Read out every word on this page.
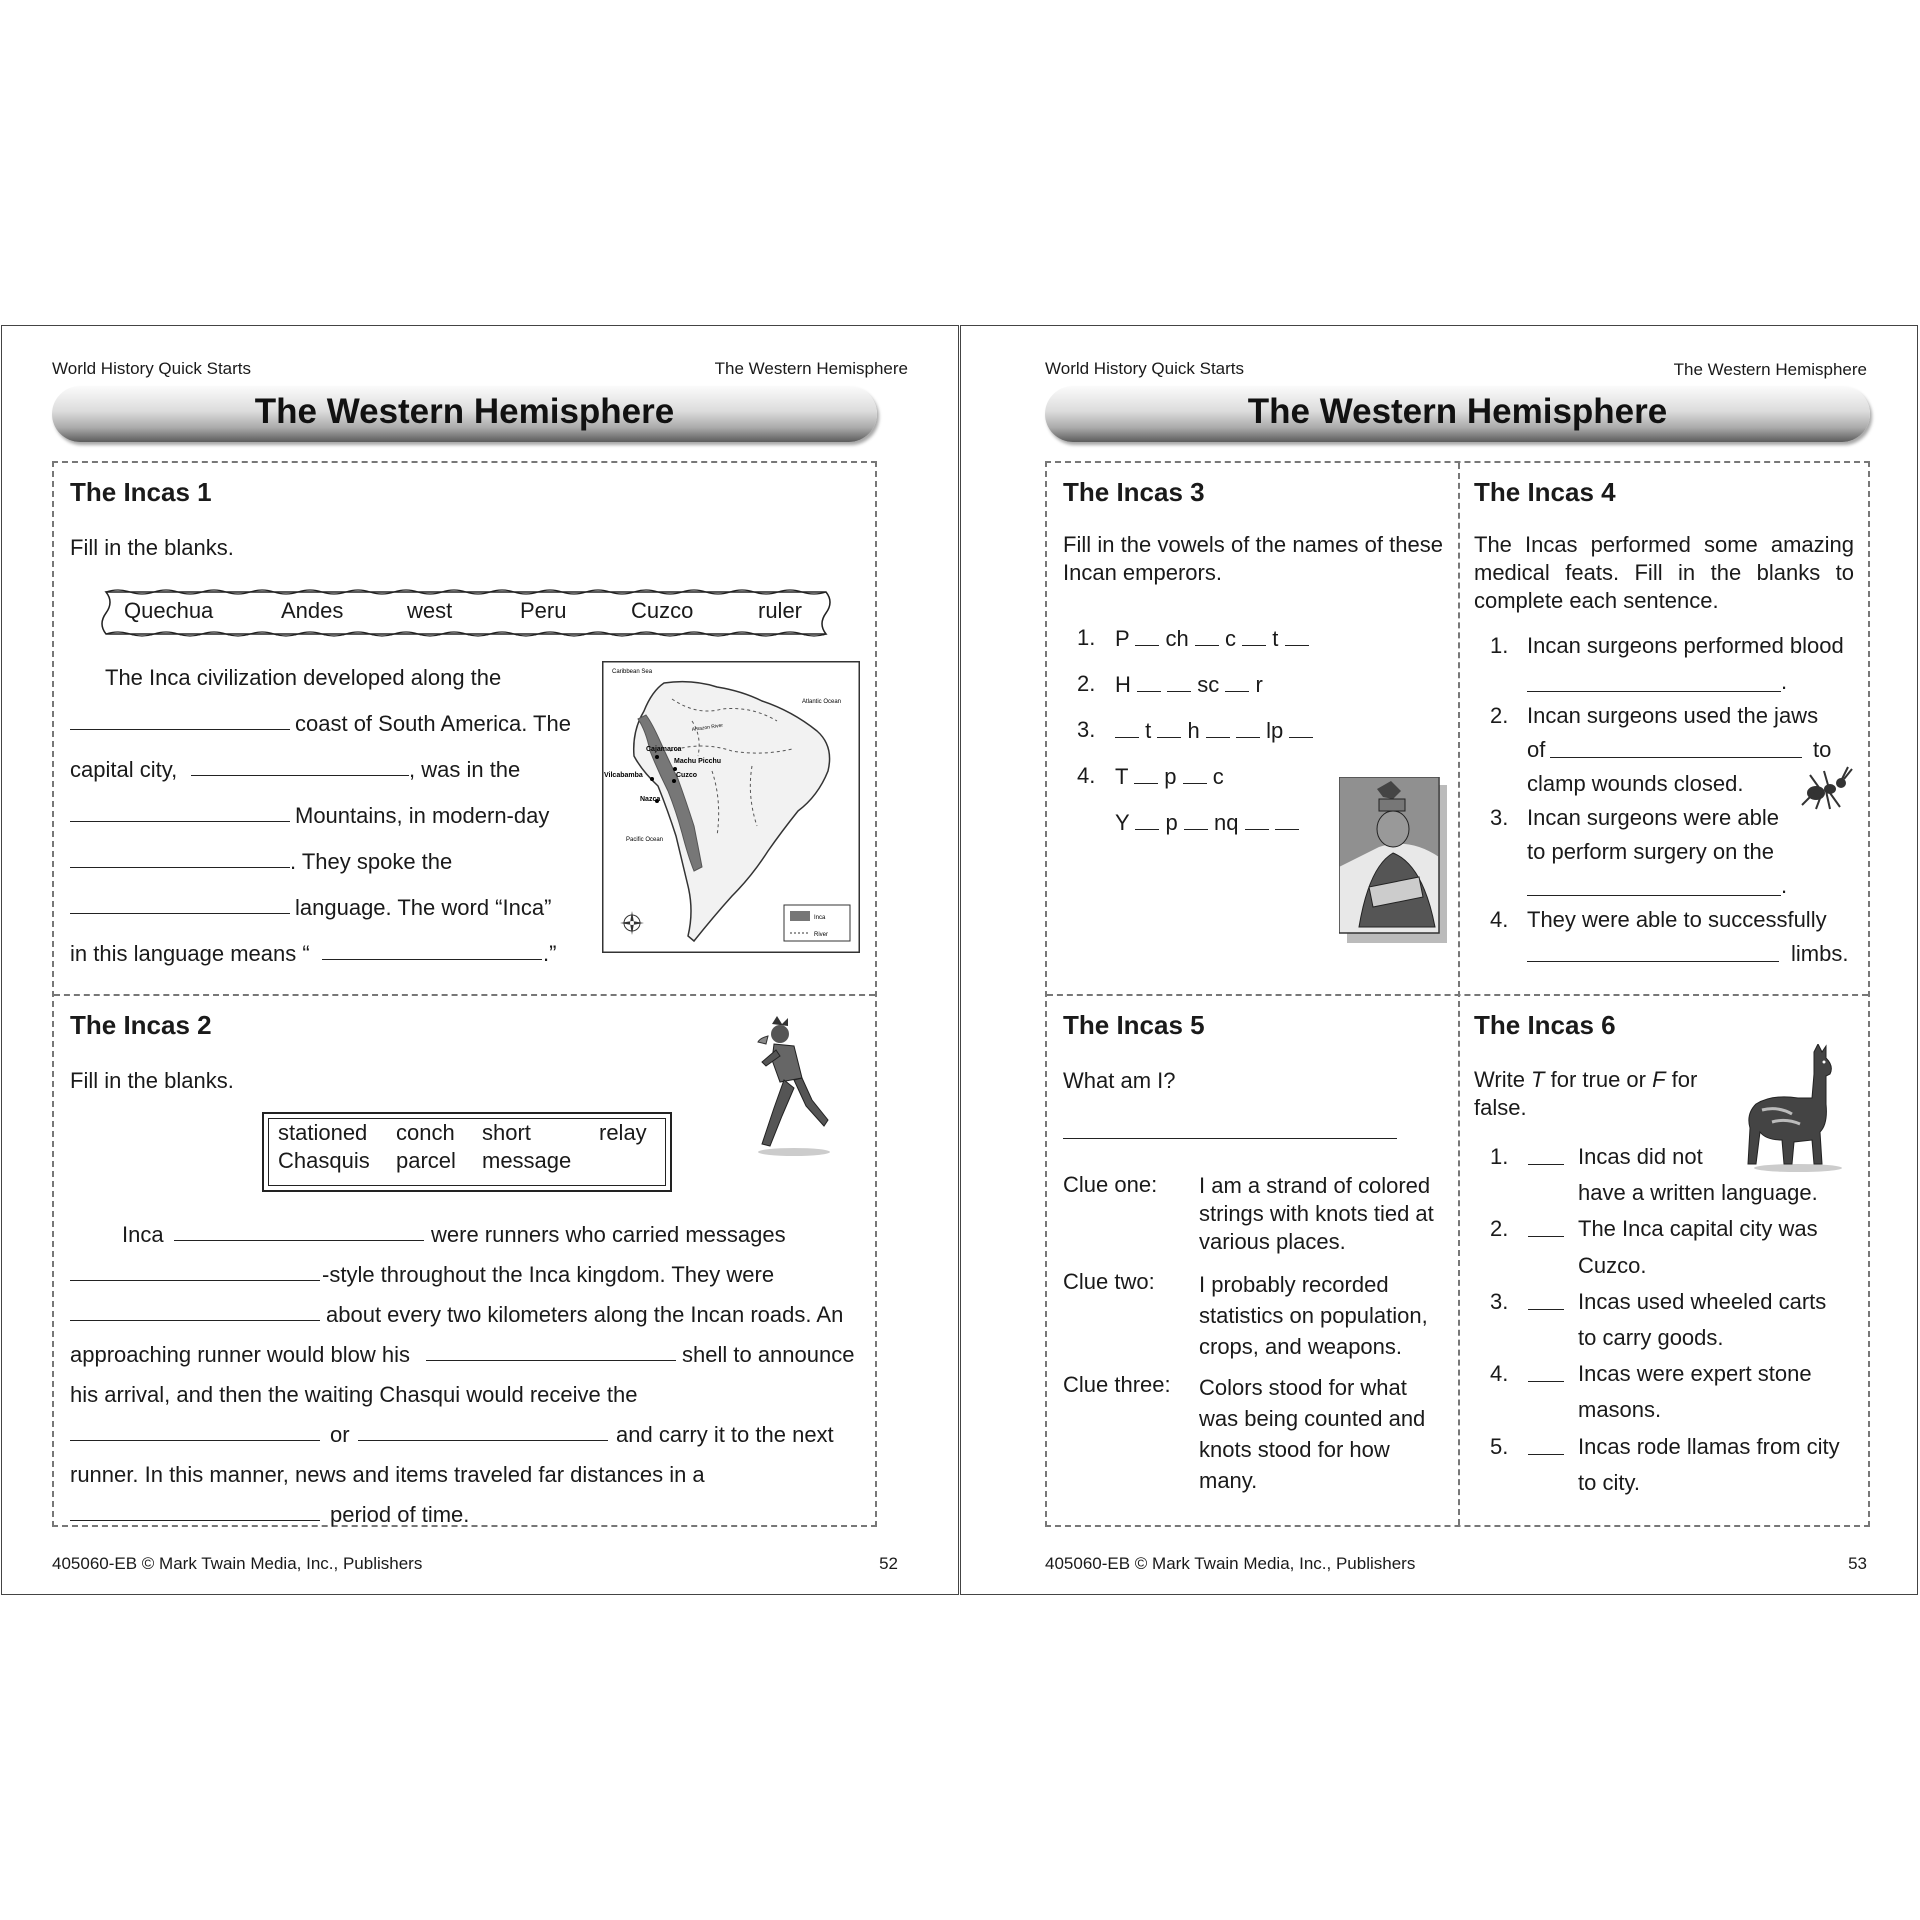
World History Quick Starts	The Western Hemisphere
The Western Hemisphere
The Incas 1
Fill in the blanks.
Quechua	Andes	west	Peru	Cuzco	ruler
The Inca civilization developed along the
coast of South America. The
capital city,	, was in the
Mountains, in modern-day
. They spoke the
language. The word “Inca”
in this language means “	.”
Caribbean Sea
Atlantic Ocean
Pacific Ocean
Cajamarca
Machu Picchu
Vilcabamba	Cuzco
Nazca
Amazon River
Inca
River
The Incas 2
Fill in the blanks.
stationed conch short	relay
Chasquis parcel message
Inca	were runners who carried messages
-style throughout the Inca kingdom. They were
about every two kilometers along the Incan roads. An
approaching runner would blow his	shell to announce
his arrival, and then the waiting Chasqui would receive the
or	and carry it to the next
runner. In this manner, news and items traveled far distances in a
period of time.
405060-EB © Mark Twain Media, Inc., Publishers	52
World History Quick Starts	The Western Hemisphere
The Western Hemisphere
The Incas 3
Fill in the vowels of the names of these Incan emperors.
1. P ch c t
2. H	sc r
3.	t h	lp
4. T p c
Y p nq
The Incas 4
The Incas performed some amazing medical feats. Fill in the blanks to complete each sentence.
1. Incan surgeons performed blood
.
2. Incan surgeons used the jaws
of	to
clamp wounds closed.
3. Incan surgeons were able
to perform surgery on the
.
4. They were able to successfully
limbs.
The Incas 5
What am I?
Clue one: I am a strand of colored strings with knots tied at various places.
Clue two: I probably recorded statistics on population, crops, and weapons.
Clue three: Colors stood for what was being counted and knots stood for how many.
The Incas 6
Write T for true or F for false.
1.	Incas did not
have a written language.
2.	The Inca capital city was
Cuzco.
3.	Incas used wheeled carts
to carry goods.
4.	Incas were expert stone
masons.
5.	Incas rode llamas from city
to city.
405060-EB © Mark Twain Media, Inc., Publishers	53
